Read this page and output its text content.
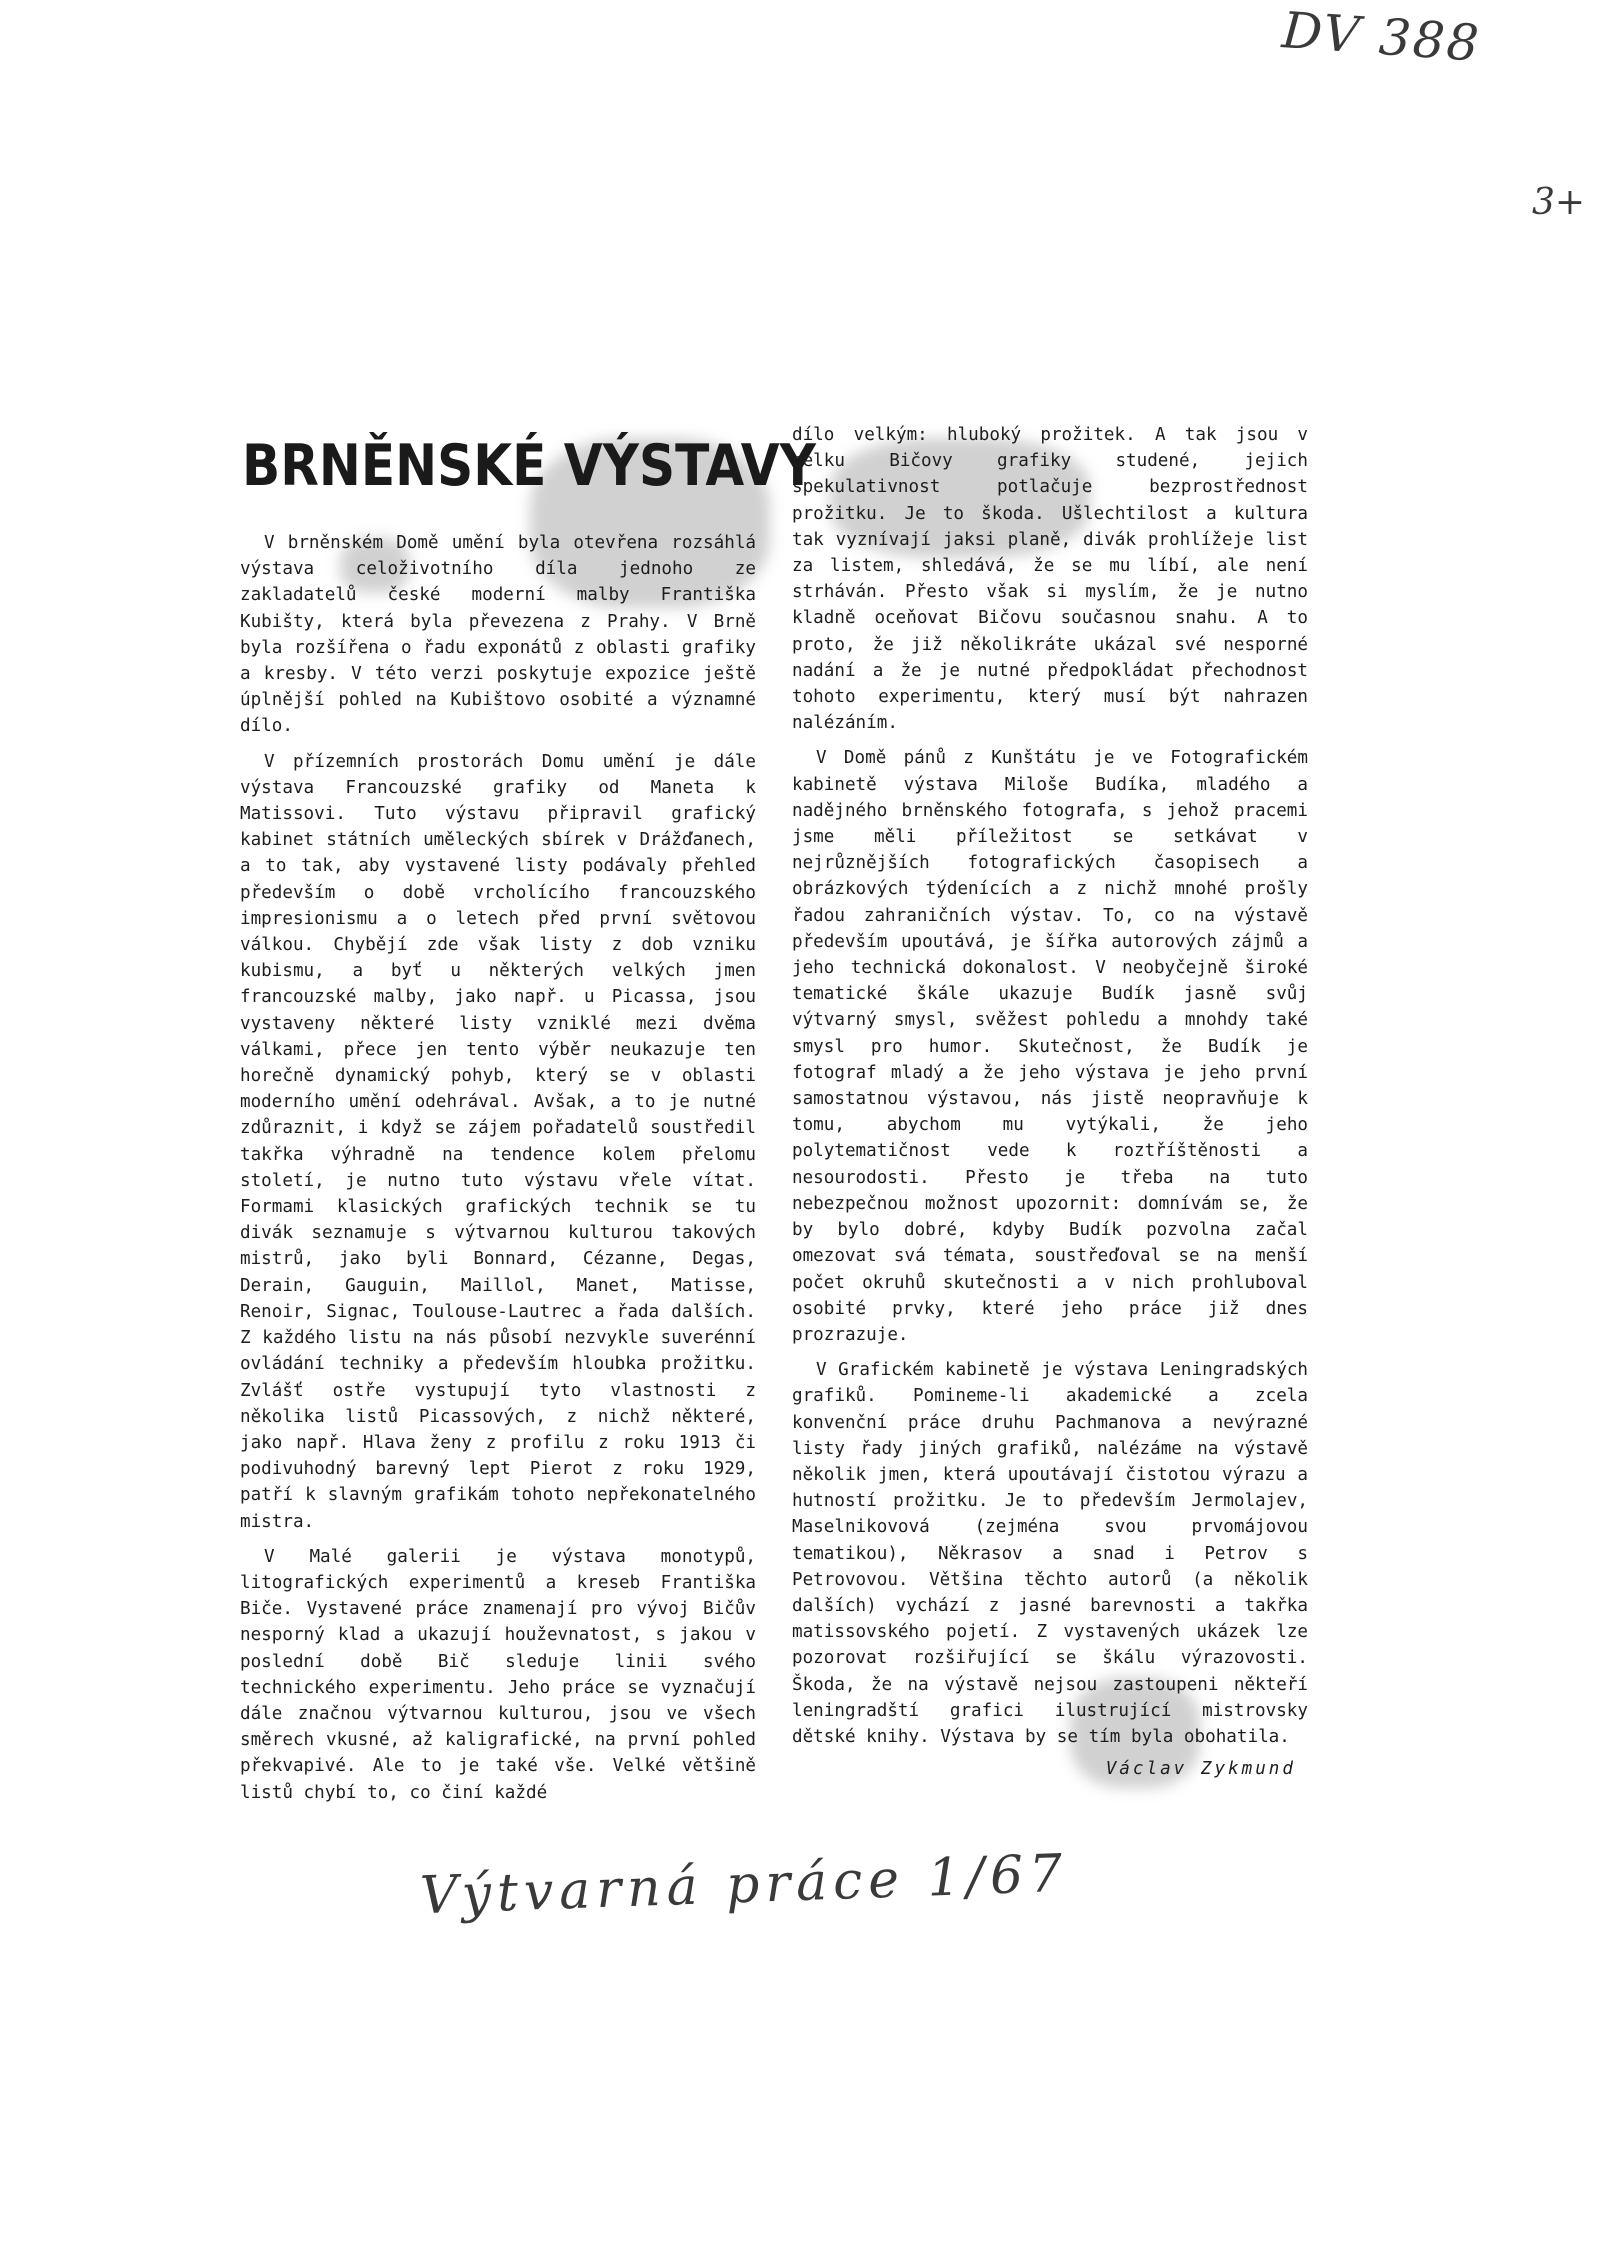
DV 388
3+
BRNĚNSKÉ VÝSTAVY

V brněnském Domě umění byla otevřena rozsáhlá výstava celoživotního díla jednoho ze zakladatelů české moderní malby Františka Kubišty, která byla převezena z Prahy. V Brně byla rozšířena o řadu exponátů z oblasti grafiky a kresby. V této verzi poskytuje expozice ještě úplnější pohled na Kubištovo osobité a významné dílo.

V přízemních prostorách Domu umění je dále výstava Francouzské grafiky od Maneta k Matissovi. Tuto výstavu připravil grafický kabinet státních uměleckých sbírek v Drážďanech, a to tak, aby vystavené listy podávaly přehled především o době vrcholícího francouzského impresionismu a o letech před první světovou válkou. Chybějí zde však listy z dob vzniku kubismu, a byť u některých velkých jmen francouzské malby, jako např. u Picassa, jsou vystaveny některé listy vzniklé mezi dvěma válkami, přece jen tento výběr neukazuje ten horečně dynamický pohyb, který se v oblasti moderního umění odehrával. Avšak, a to je nutné zdůraznit, i když se zájem pořadatelů soustředil takřka výhradně na tendence kolem přelomu století, je nutno tuto výstavu vřele vítat. Formami klasických grafických technik se tu divák seznamuje s výtvarnou kulturou takových mistrů, jako byli Bonnard, Cézanne, Degas, Derain, Gauguin, Maillol, Manet, Matisse, Renoir, Signac, Toulouse-Lautrec a řada dalších. Z každého listu na nás působí nezvykle suverénní ovládání techniky a především hloubka prožitku. Zvlášť ostře vystupují tyto vlastnosti z několika listů Picassových, z nichž některé, jako např. Hlava ženy z profilu z roku 1913 či podivuhodný barevný lept Pierot z roku 1929, patří k slavným grafikám tohoto nepřekonatelného mistra.

V Malé galerii je výstava monotypů, litografických experimentů a kreseb Františka Biče. Vystavené práce znamenají pro vývoj Bičův nesporný klad a ukazují houževnatost, s jakou v poslední době Bič sleduje linii svého technického experimentu. Jeho práce se vyznačují dále značnou výtvarnou kulturou, jsou ve všech směrech vkusné, až kaligrafické, na první pohled překvapivé. Ale to je také vše. Velké většině listů chybí to, co činí každé

dílo velkým: hluboký prožitek. A tak jsou v celku Bičovy grafiky studené, jejich spekulativnost potlačuje bezprostřednost prožitku. Je to škoda. Ušlechtilost a kultura tak vyznívají jaksi planě, divák prohlížeje list za listem, shledává, že se mu líbí, ale není strháván. Přesto však si myslím, že je nutno kladně oceňovat Bičovu současnou snahu. A to proto, že již několikráte ukázal své nesporné nadání a že je nutné předpokládat přechodnost tohoto experimentu, který musí být nahrazen nalézáním.

V Domě pánů z Kunštátu je ve Fotografickém kabinetě výstava Miloše Budíka, mladého a nadějného brněnského fotografa, s jehož pracemi jsme měli příležitost se setkávat v nejrůznějších fotografických časopisech a obrázkových týdenících a z nichž mnohé prošly řadou zahraničních výstav. To, co na výstavě především upoutává, je šířka autorových zájmů a jeho technická dokonalost. V neobyčejně široké tematické škále ukazuje Budík jasně svůj výtvarný smysl, svěžest pohledu a mnohdy také smysl pro humor. Skutečnost, že Budík je fotograf mladý a že jeho výstava je jeho první samostatnou výstavou, nás jistě neopravňuje k tomu, abychom mu vytýkali, že jeho polytematičnost vede k roztříštěnosti a nesourodosti. Přesto je třeba na tuto nebezpečnou možnost upozornit: domnívám se, že by bylo dobré, kdyby Budík pozvolna začal omezovat svá témata, soustřeďoval se na menší počet okruhů skutečnosti a v nich prohluboval osobité prvky, které jeho práce již dnes prozrazuje.

V Grafickém kabinetě je výstava Leningradských grafiků. Pomineme-li akademické a zcela konvenční práce druhu Pachmanova a nevýrazné listy řady jiných grafiků, nalézáme na výstavě několik jmen, která upoutávají čistotou výrazu a hutností prožitku. Je to především Jermolajev, Maselnikovová (zejména svou prvomájovou tematikou), Někrasov a snad i Petrov s Petrovovou. Většina těchto autorů (a několik dalších) vychází z jasné barevnosti a takřka matissovského pojetí. Z vystavených ukázek lze pozorovat rozšiřující se škálu výrazovosti. Škoda, že na výstavě nejsou zastoupeni někteří leningradští grafici ilustrující mistrovsky dětské knihy. Výstava by se tím byla obohatila.

Václav Zykmund

Výtvarná práce 1/67
